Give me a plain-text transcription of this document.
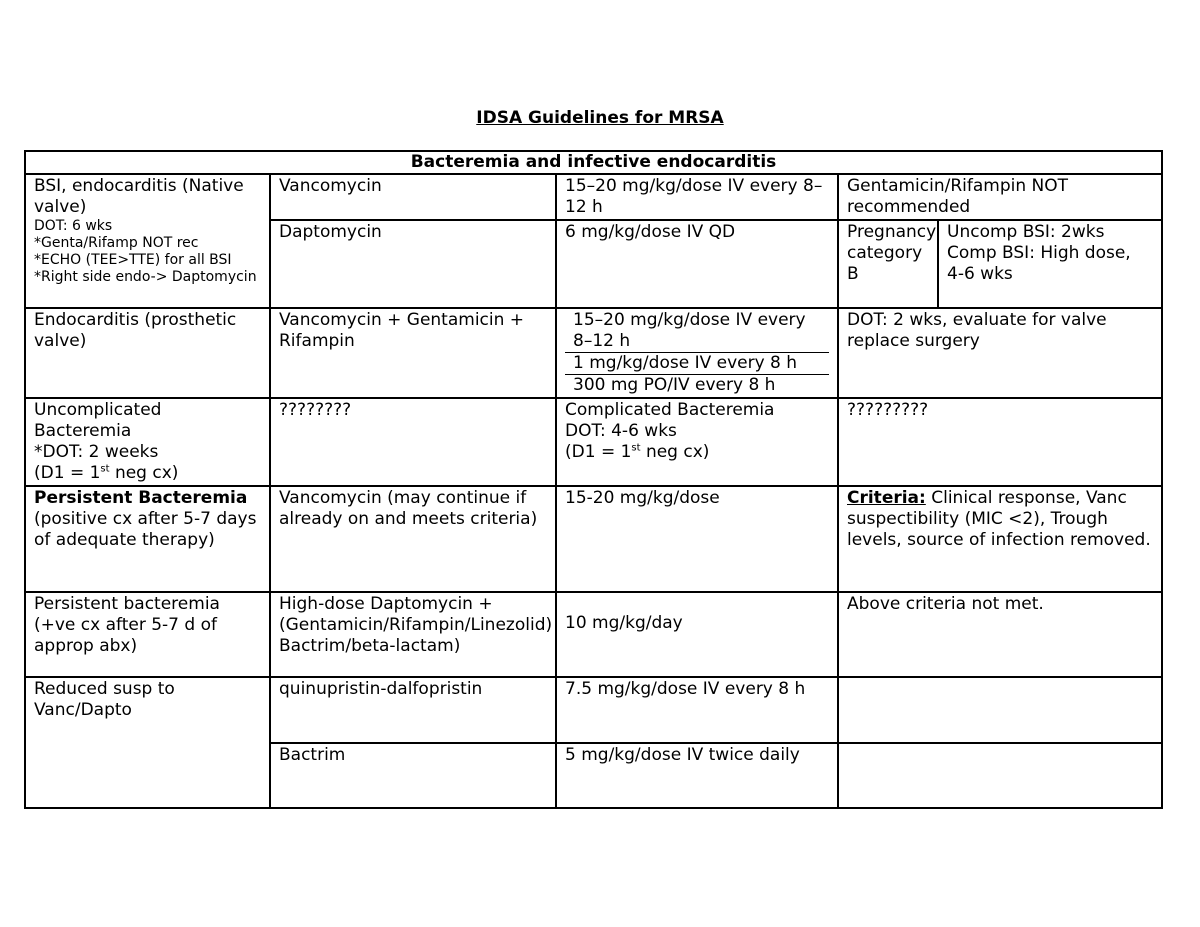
IDSA Guidelines for MRSA
Bacteremia and infective endocarditis				

BSI, endocarditis (Native valve)
DOT: 6 wks
*Genta/Rifamp NOT rec
*ECHO (TEE>TTE) for all BSI
*Right side endo-> Daptomycin	Vancomycin	15–20 mg/kg/dose IV every 8–12 h	Gentamicin/Rifampin NOT recommended	
	Daptomycin	6 mg/kg/dose IV QD	Pregnancy category B	Uncomp BSI: 2wks Comp BSI: High dose, 4-6 wks
Endocarditis (prosthetic valve)	Vancomycin + Gentamicin + Rifampin	15–20 mg/kg/dose IV every 8–12 h
1 mg/kg/dose IV every 8 h
300 mg PO/IV every 8 h	DOT: 2 wks, evaluate for valve replace surgery	

Uncomplicated Bacteremia
*DOT: 2 weeks
(D1 = 1st neg cx)	????????	Complicated Bacteremia
DOT: 4-6 wks
(D1 = 1st neg cx)	?????????	

Persistent Bacteremia
(positive cx after 5-7 days of adequate therapy)	Vancomycin (may continue if already on and meets criteria)	15-20 mg/kg/dose	Criteria: Clinical response, Vanc suspectibility (MIC <2), Trough levels, source of infection removed.	
Persistent bacteremia (+ve cx after 5-7 d of approp abx)	High-dose Daptomycin + (Gentamicin/Rifampin/Linezolid) Bactrim/beta-lactam)	10 mg/kg/day	Above criteria not met.	
Reduced susp to Vanc/Dapto	quinupristin-dalfopristin	7.5 mg/kg/dose IV every 8 h		
	Bactrim	5 mg/kg/dose IV twice daily		
